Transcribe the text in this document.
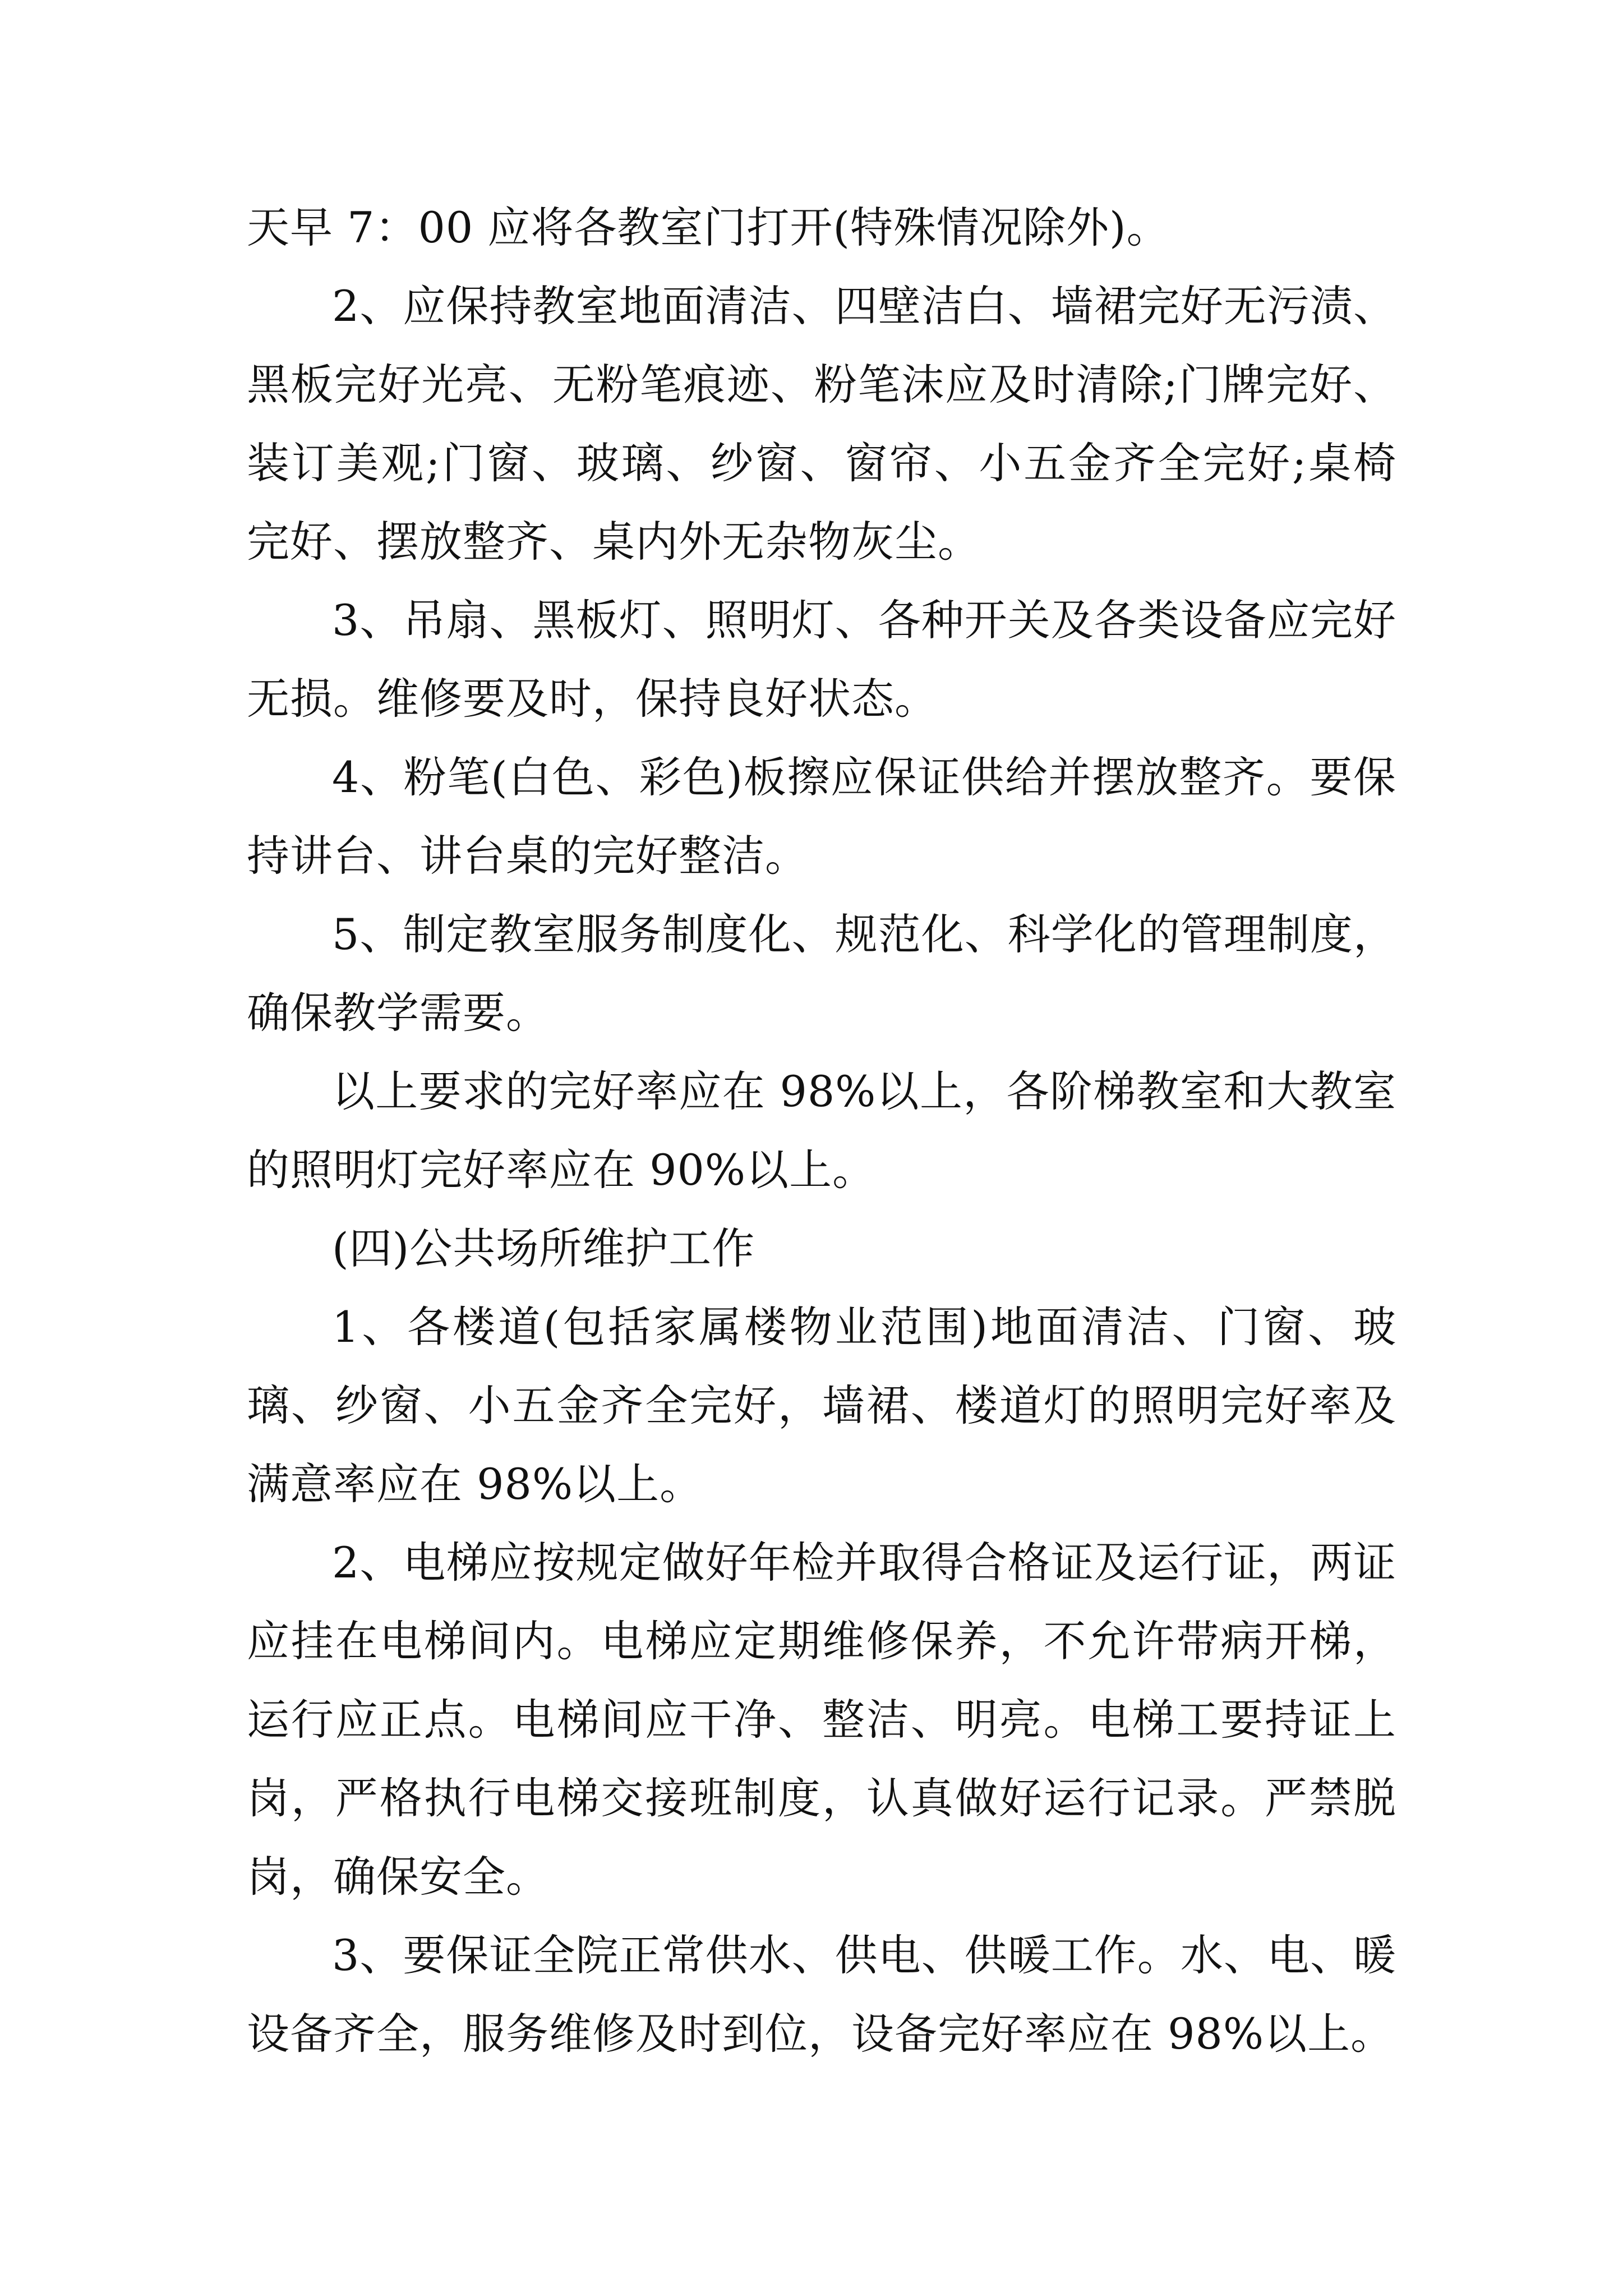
天早 7：00 应将各教室门打开(特殊情况除外)。

2、应保持教室地面清洁、四壁洁白、墙裙完好无污渍、黑板完好光亮、无粉笔痕迹、粉笔沫应及时清除;门牌完好、装订美观;门窗、玻璃、纱窗、窗帘、小五金齐全完好;桌椅完好、摆放整齐、桌内外无杂物灰尘。

3、吊扇、黑板灯、照明灯、各种开关及各类设备应完好无损。维修要及时，保持良好状态。

4、粉笔(白色、彩色)板擦应保证供给并摆放整齐。要保持讲台、讲台桌的完好整洁。

5、制定教室服务制度化、规范化、科学化的管理制度，确保教学需要。

以上要求的完好率应在 98%以上，各阶梯教室和大教室的照明灯完好率应在 90%以上。

(四)公共场所维护工作

1、各楼道(包括家属楼物业范围)地面清洁、门窗、玻璃、纱窗、小五金齐全完好，墙裙、楼道灯的照明完好率及满意率应在 98%以上。

2、电梯应按规定做好年检并取得合格证及运行证，两证应挂在电梯间内。电梯应定期维修保养，不允许带病开梯，运行应正点。电梯间应干净、整洁、明亮。电梯工要持证上岗，严格执行电梯交接班制度，认真做好运行记录。严禁脱岗，确保安全。

3、要保证全院正常供水、供电、供暖工作。水、电、暖设备齐全，服务维修及时到位，设备完好率应在 98%以上。
